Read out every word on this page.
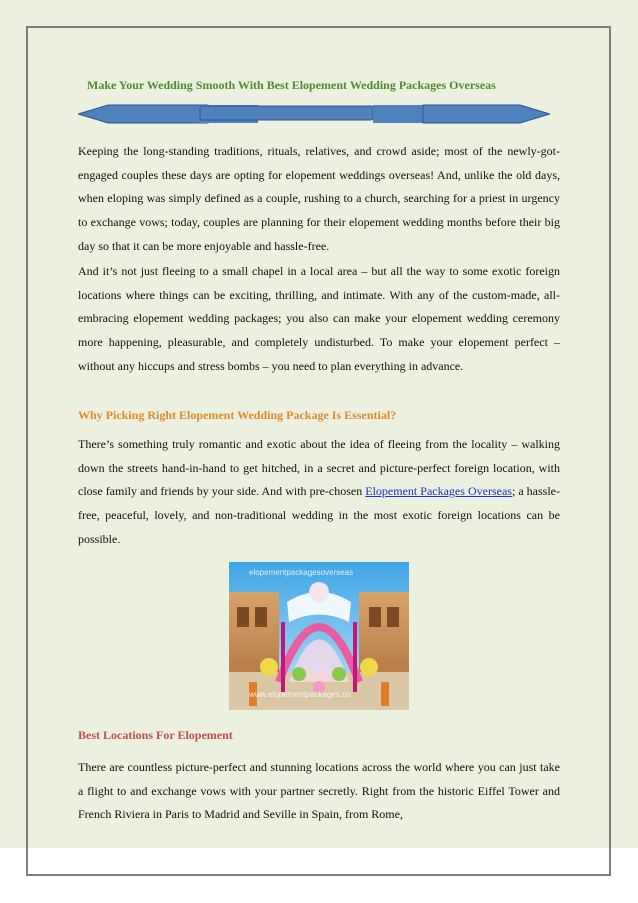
Make Your Wedding Smooth With Best Elopement Wedding Packages Overseas

Keeping the long-standing traditions, rituals, relatives, and crowd aside; most of the newly-got-engaged couples these days are opting for elopement weddings overseas! And, unlike the old days, when eloping was simply defined as a couple, rushing to a church, searching for a priest in urgency to exchange vows; today, couples are planning for their elopement wedding months before their big day so that it can be more enjoyable and hassle-free.

And it’s not just fleeing to a small chapel in a local area – but all the way to some exotic foreign locations where things can be exciting, thrilling, and intimate. With any of the custom-made, all-embracing elopement wedding packages; you also can make your elopement wedding ceremony more happening, pleasurable, and completely undisturbed. To make your elopement perfect – without any hiccups and stress bombs – you need to plan everything in advance.

Why Picking Right Elopement Wedding Package Is Essential?

There’s something truly romantic and exotic about the idea of fleeing from the locality – walking down the streets hand-in-hand to get hitched, in a secret and picture-perfect foreign location, with close family and friends by your side. And with pre-chosen Elopement Packages Overseas; a hassle-free, peaceful, lovely, and non-traditional wedding in the most exotic foreign locations can be possible.

elopementpackagesoverseas
www.elopementpackages.co

Best Locations For Elopement

There are countless picture-perfect and stunning locations across the world where you can just take a flight to and exchange vows with your partner secretly. Right from the historic Eiffel Tower and French Riviera in Paris to Madrid and Seville in Spain, from Rome,
